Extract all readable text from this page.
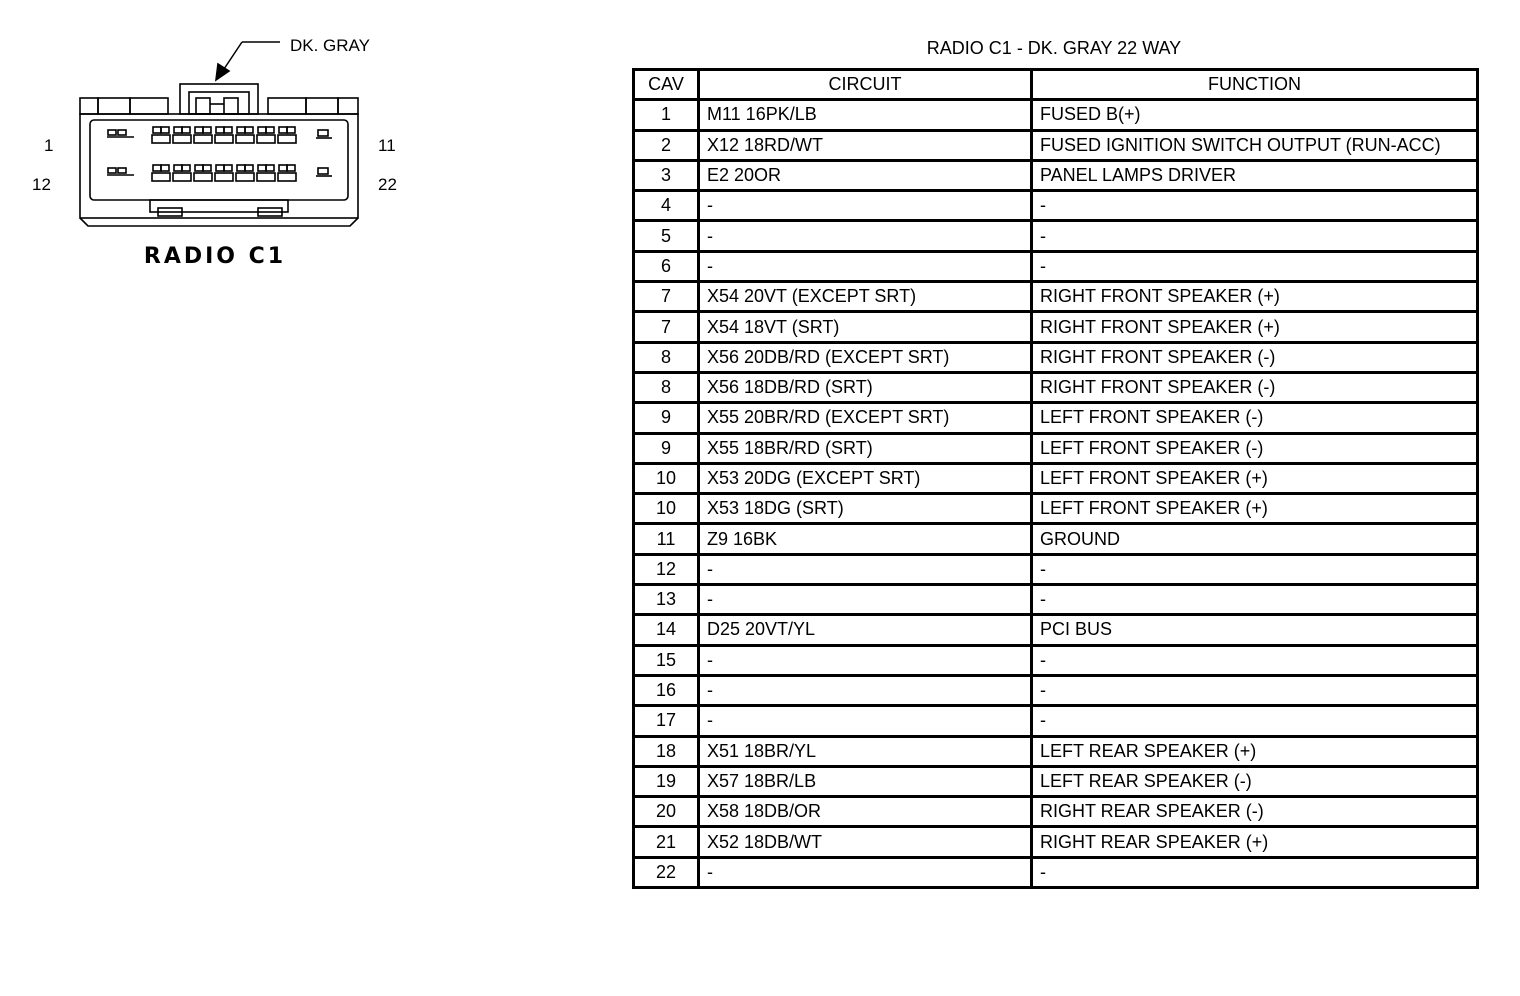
DK. GRAY
1	11
12	22
RADIO C1
RADIO C1 - DK. GRAY 22 WAY
CAV	CIRCUIT	FUNCTION
1	M11 16PK/LB	FUSED B(+)
2	X12 18RD/WT	FUSED IGNITION SWITCH OUTPUT (RUN-ACC)
3	E2 20OR	PANEL LAMPS DRIVER
4	-	-
5	-	-
6	-	-
7	X54 20VT (EXCEPT SRT)	RIGHT FRONT SPEAKER (+)
7	X54 18VT (SRT)	RIGHT FRONT SPEAKER (+)
8	X56 20DB/RD (EXCEPT SRT)	RIGHT FRONT SPEAKER (-)
8	X56 18DB/RD (SRT)	RIGHT FRONT SPEAKER (-)
9	X55 20BR/RD (EXCEPT SRT)	LEFT FRONT SPEAKER (-)
9	X55 18BR/RD (SRT)	LEFT FRONT SPEAKER (-)
10	X53 20DG (EXCEPT SRT)	LEFT FRONT SPEAKER (+)
10	X53 18DG (SRT)	LEFT FRONT SPEAKER (+)
11	Z9 16BK	GROUND
12	-	-
13	-	-
14	D25 20VT/YL	PCI BUS
15	-	-
16	-	-
17	-	-
18	X51 18BR/YL	LEFT REAR SPEAKER (+)
19	X57 18BR/LB	LEFT REAR SPEAKER (-)
20	X58 18DB/OR	RIGHT REAR SPEAKER (-)
21	X52 18DB/WT	RIGHT REAR SPEAKER (+)
22	-	-
